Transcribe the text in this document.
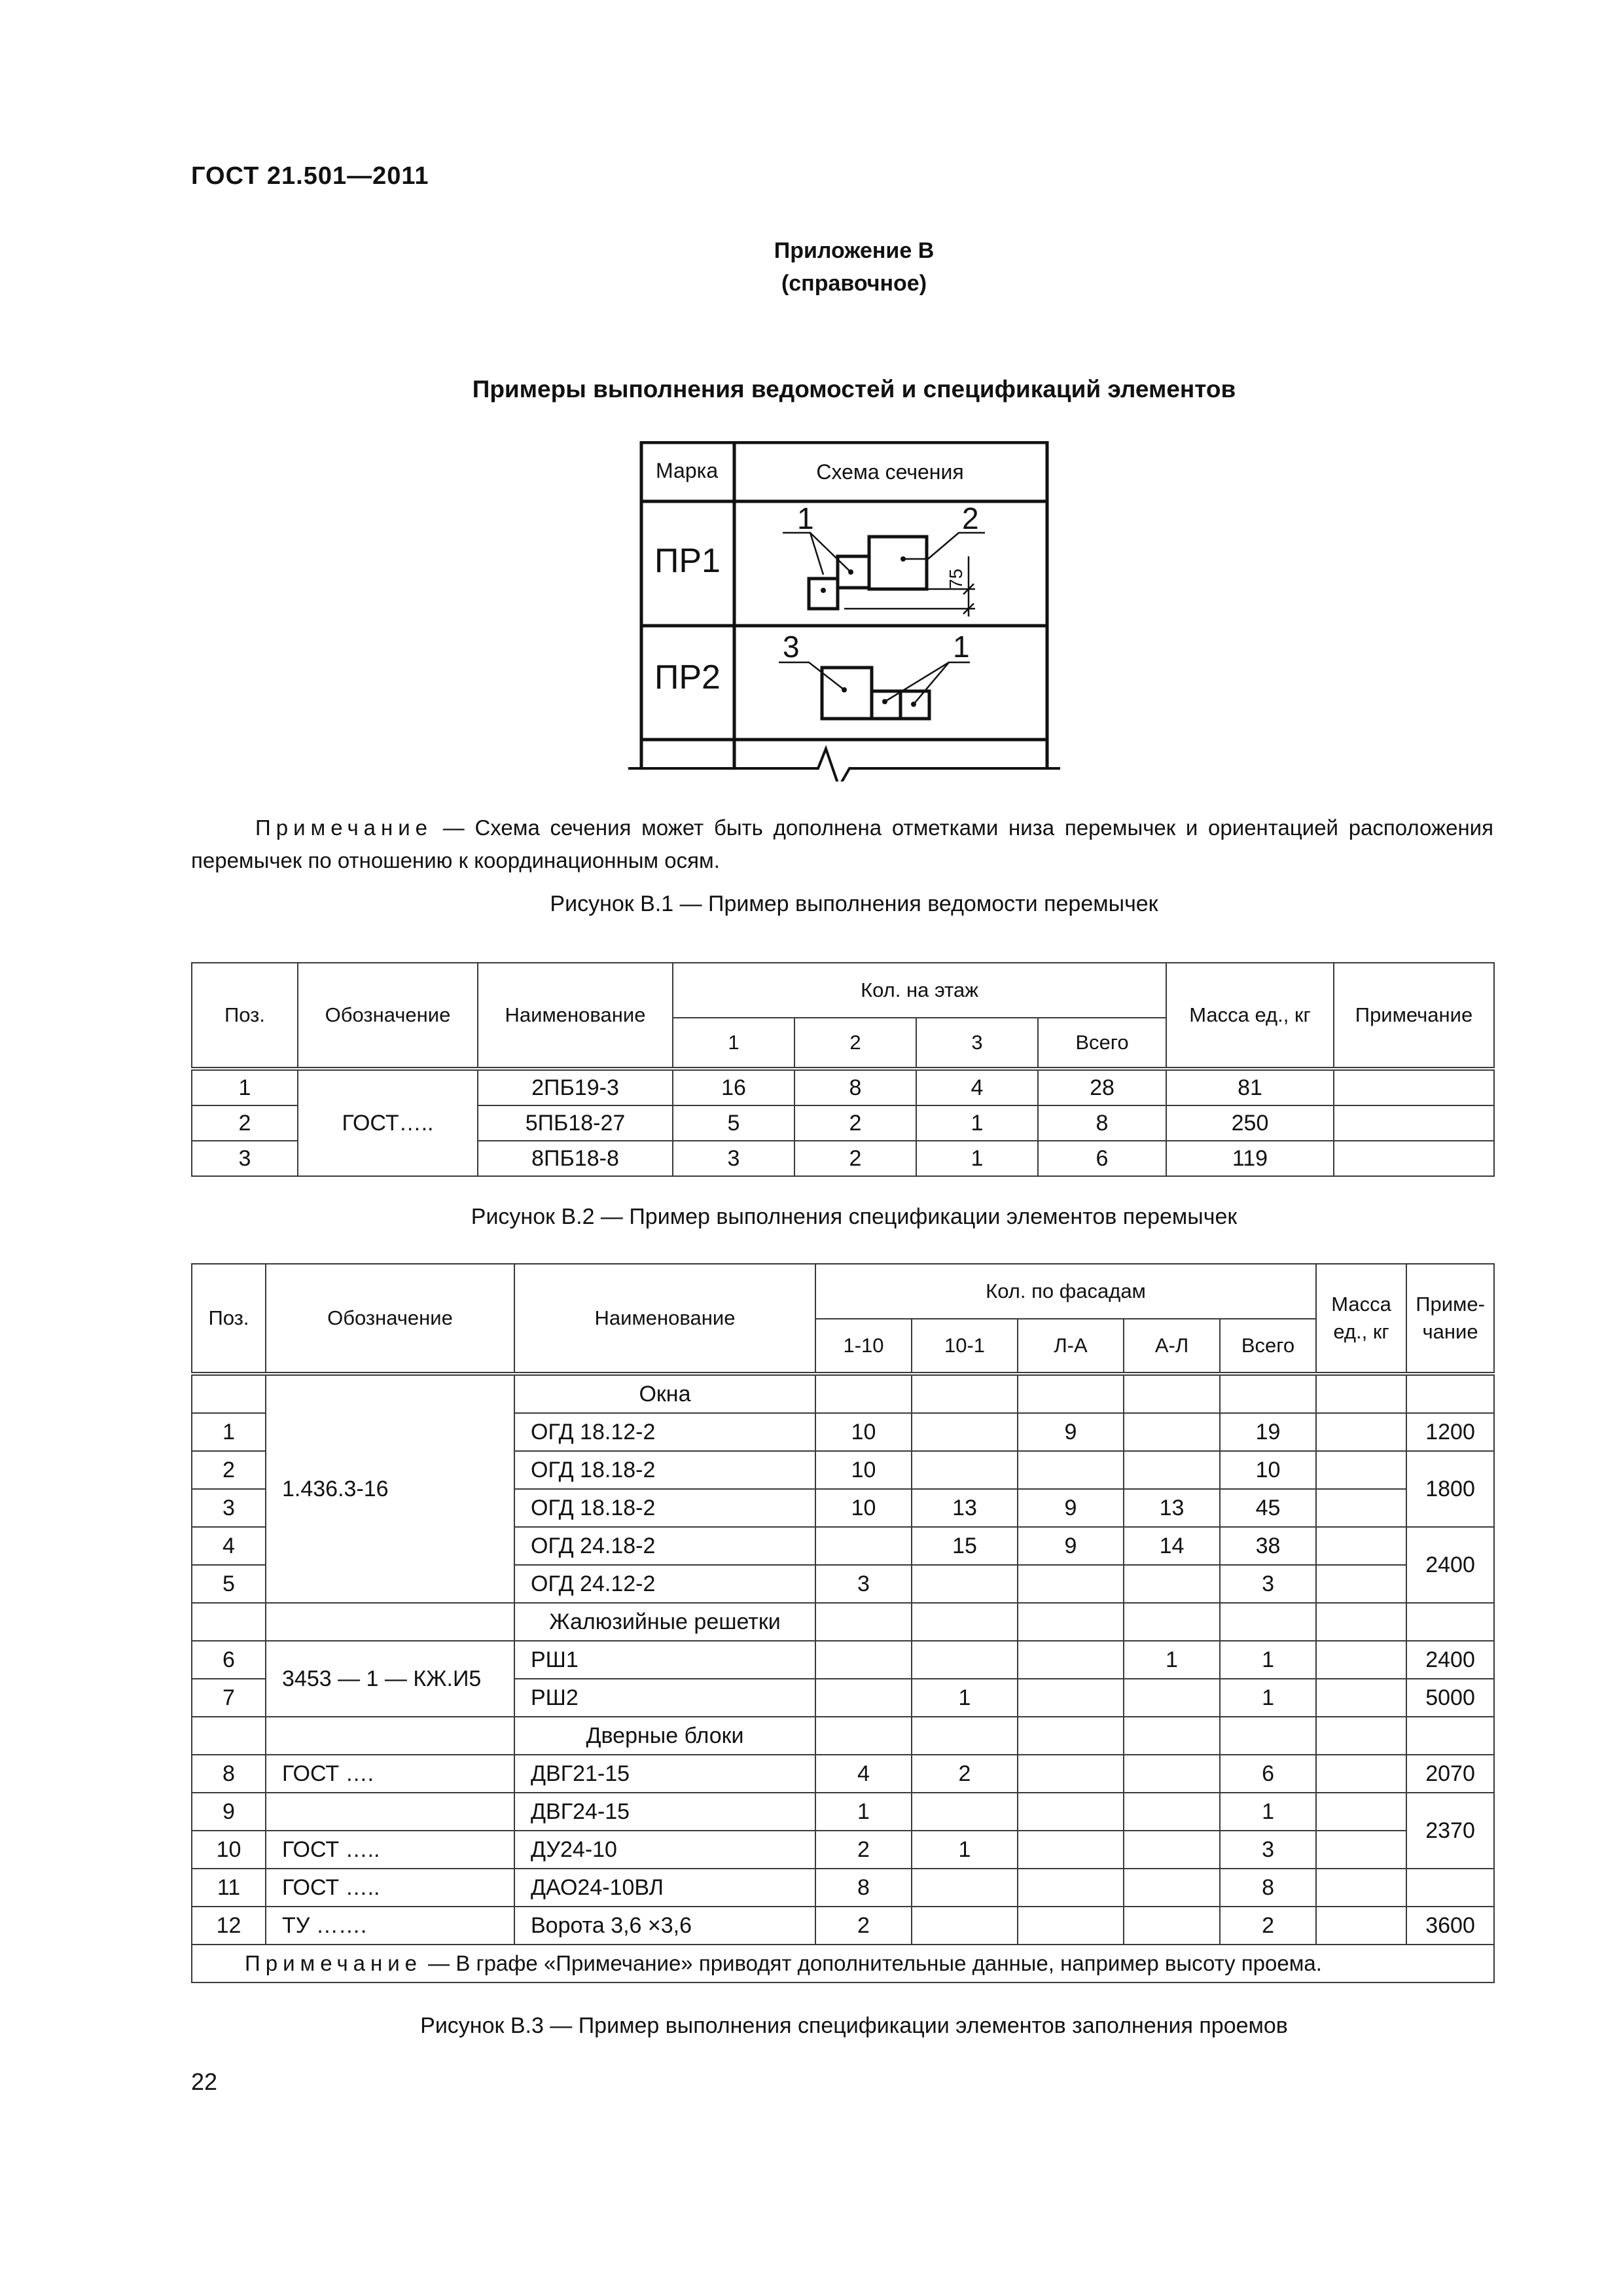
ГОСТ 21.501—2011
Приложение В
(справочное)
Примеры выполнения ведомостей и спецификаций элементов
Марка	Схема сечения
ПР1
ПР2
1	2
75
3	1
Примечание — Схема сечения может быть дополнена отметками низа перемычек и ориентацией расположения перемычек по отношению к координационным осям.
Рисунок В.1 — Пример выполнения ведомости перемычек
Поз.	Обозначение	Наименование	Кол. на этаж				Масса ед., кг	Примечание
			1	2	3	Всего		
1	ГОСТ…..	2ПБ19-3	16	8	4	28	81	
2		5ПБ18-27	5	2	1	8	250	
3		8ПБ18-8	3	2	1	6	119	
Рисунок В.2 — Пример выполнения спецификации элементов перемычек
Поз.	Обозначение	Наименование	Кол. по фасадам					Масса ед., кг	Приме-чание
			1-10	10-1	Л-А	А-Л	Всего		
	1.436.3-16	Окна							
1		ОГД 18.12-2	10		9		19		1200
2		ОГД 18.18-2	10				10		1800
3		ОГД 18.18-2	10	13	9	13	45		
4		ОГД 24.18-2		15	9	14	38		2400
5		ОГД 24.12-2	3				3		
		Жалюзийные решетки							
6	3453 — 1 — КЖ.И5	РШ1				1	1		2400
7		РШ2		1			1		5000
		Дверные блоки							
8	ГОСТ ….	ДВГ21-15	4	2			6		2070
9		ДВГ24-15	1				1		2370
10	ГОСТ …..	ДУ24-10	2	1			3		
11	ГОСТ …..	ДАО24-10ВЛ	8				8		
12	ТУ …….	Ворота 3,6 ×3,6	2				2		3600
Примечание — В графе «Примечание» приводят дополнительные данные, например высоту проема.									
Рисунок В.3 — Пример выполнения спецификации элементов заполнения проемов
22
